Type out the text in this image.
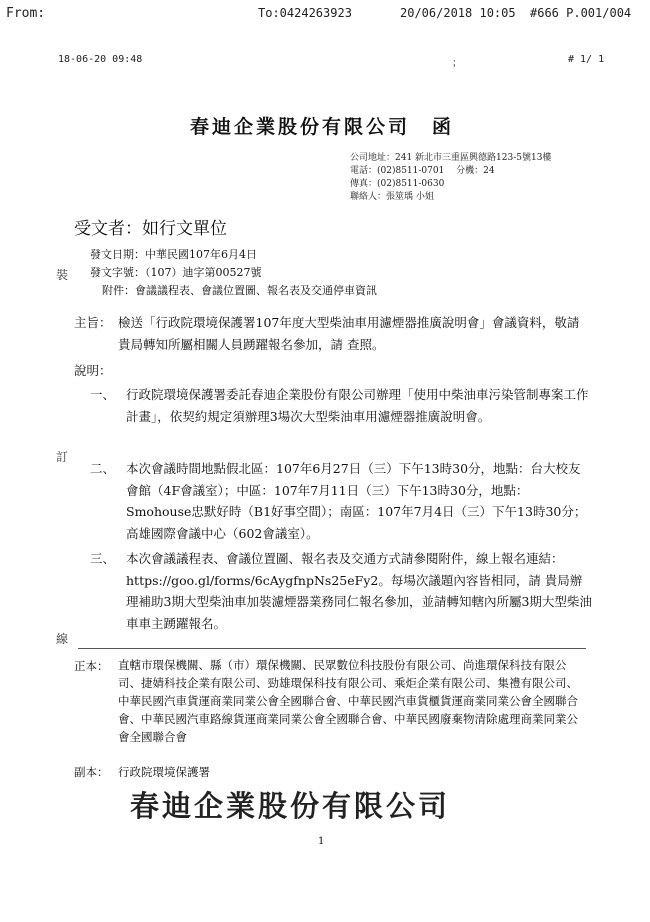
From:	To:0424263923	20/06/2018 10:05 #666 P.001/004
18-06-20 09:48	；	# 1/ 1
春迪企業股份有限公司 函
公司地址：241 新北市三重區興德路123-5號13樓
電話：(02)8511-0701　 分機：24
傳真：(02)8511-0630
聯絡人：張筮瑀 小姐
受文者：如行文單位
發文日期：中華民國107年6月4日
發文字號：（107）迪字第00527號
附件：會議議程表、會議位置圖、報名表及交通停車資訊
裝
訂
線
主旨： 檢送「行政院環境保護署107年度大型柴油車用濾煙器推廣說明會」會議資料，敬請 貴局轉知所屬相關人員踴躍報名參加，請 查照。
說明：
一、 行政院環境保護署委託春迪企業股份有限公司辦理「使用中柴油車污染管制專案工作計畫」，依契約規定須辦理3場次大型柴油車用濾煙器推廣說明會。
二、 本次會議時間地點假北區：107年6月27日（三）下午13時30分，地點：台大校友會館（4F會議室）；中區：107年7月11日（三）下午13時30分，地點：Smohouse忠默好時（B1好事空間）；南區：107年7月4日（三）下午13時30分；高雄國際會議中心（602會議室）。
三、 本次會議議程表、會議位置圖、報名表及交通方式請參閱附件，線上報名連結：https://goo.gl/forms/6cAygfnpNs25eFy2。每場次議題內容皆相同，請 貴局辦理補助3期大型柴油車加裝濾煙器業務同仁報名參加，並請轉知轄內所屬3期大型柴油車車主踴躍報名。
正本： 直轄市環保機關、縣（市）環保機關、民眾數位科技股份有限公司、尚進環保科技有限公司、捷婧科技企業有限公司、勁雄環保科技有限公司、乘炬企業有限公司、集禮有限公司、中華民國汽車貨運商業同業公會全國聯合會、中華民國汽車貨櫃貨運商業同業公會全國聯合會、中華民國汽車路線貨運商業同業公會全國聯合會、中華民國廢棄物清除處理商業同業公會全國聯合會
副本： 行政院環境保護署
春迪企業股份有限公司
1
